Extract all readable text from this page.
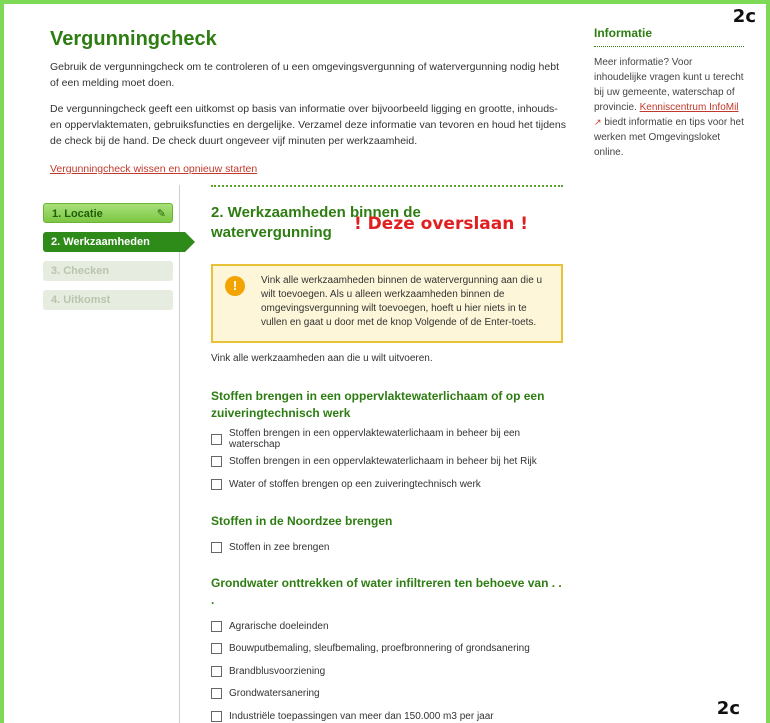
2c
2c
Vergunningcheck

Gebruik de vergunningcheck om te controleren of u een omgevingsvergunning of watervergunning nodig hebt of een melding moet doen.

De vergunningcheck geeft een uitkomst op basis van informatie over bijvoorbeeld ligging en grootte, inhouds- en oppervlaktematen, gebruiksfuncties en dergelijke. Verzamel deze informatie van tevoren en houd het tijdens de check bij de hand. De check duurt ongeveer vijf minuten per werkzaamheid.

Vergunningcheck wissen en opnieuw starten
Informatie
Meer informatie? Voor inhoudelijke vragen kunt u terecht bij uw gemeente, waterschap of provincie. Kenniscentrum InfoMil ↗ biedt informatie en tips voor het werken met Omgevingsloket online.
1. Locatie	✎
2. Werkzaamheden
3. Checken
4. Uitkomst
2. Werkzaamheden binnen de
watervergunning	! Deze overslaan !
!	Vink alle werkzaamheden binnen de watervergunning aan die u wilt toevoegen. Als u alleen werkzaamheden binnen de omgevingsvergunning wilt toevoegen, hoeft u hier niets in te vullen en gaat u door met de knop Volgende of de Enter-toets.
Vink alle werkzaamheden aan die u wilt uitvoeren.
Stoffen brengen in een oppervlaktewaterlichaam of op een zuiveringtechnisch werk
Stoffen brengen in een oppervlaktewaterlichaam in beheer bij een waterschap
Stoffen brengen in een oppervlaktewaterlichaam in beheer bij het Rijk
Water of stoffen brengen op een zuiveringtechnisch werk
Stoffen in de Noordzee brengen
Stoffen in zee brengen
Grondwater onttrekken of water infiltreren ten behoeve van . . .
Agrarische doeleinden
Bouwputbemaling, sleufbemaling, proefbronnering of grondsanering
Brandblusvoorziening
Grondwatersanering
Industriële toepassingen van meer dan 150.000 m3 per jaar
